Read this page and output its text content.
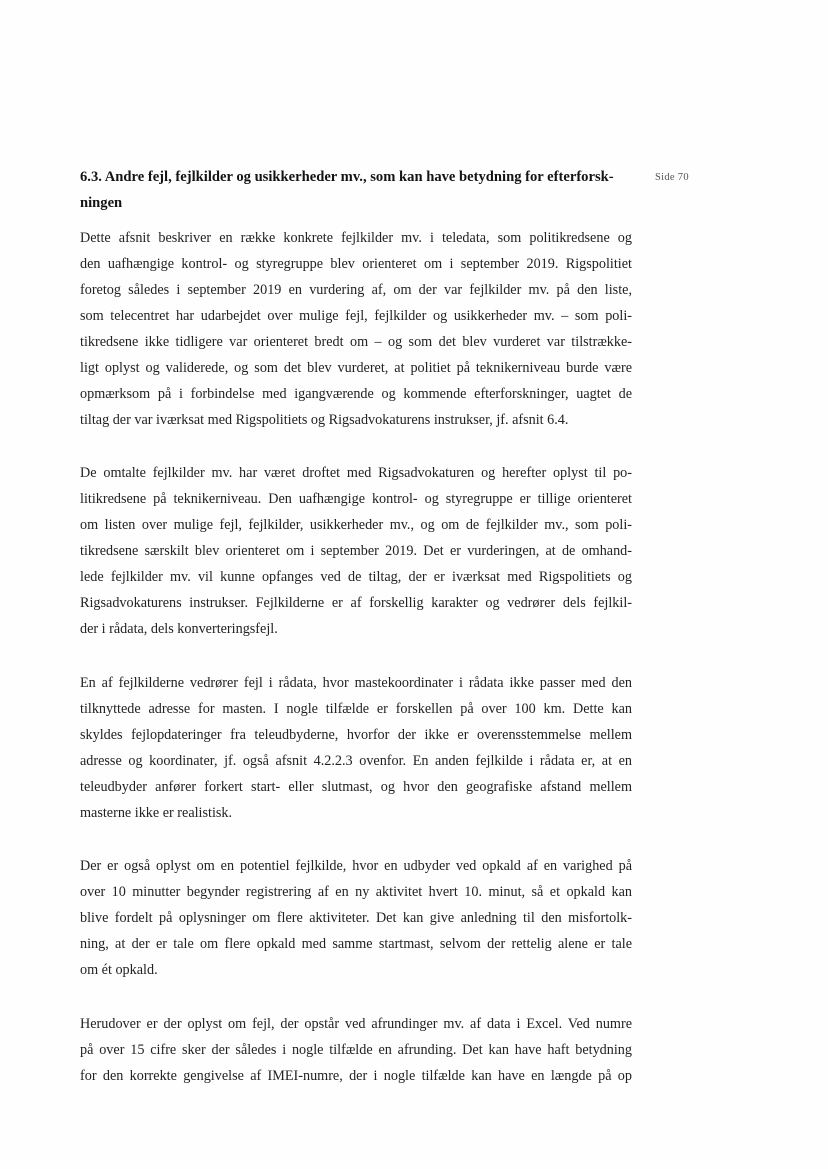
6.3. Andre fejl, fejlkilder og usikkerheder mv., som kan have betydning for efterforsk-
ningen
Side 70
Dette afsnit beskriver en række konkrete fejlkilder mv. i teledata, som politikredsene og
den uafhængige kontrol- og styregruppe blev orienteret om i september 2019. Rigspolitiet
foretog således i september 2019 en vurdering af, om der var fejlkilder mv. på den liste,
som telecentret har udarbejdet over mulige fejl, fejlkilder og usikkerheder mv. – som poli-
tikredsene ikke tidligere var orienteret bredt om – og som det blev vurderet var tilstrække-
ligt oplyst og validerede, og som det blev vurderet, at politiet på teknikerniveau burde være
opmærksom på i forbindelse med igangværende og kommende efterforskninger, uagtet de
tiltag der var iværksat med Rigspolitiets og Rigsadvokaturens instrukser, jf. afsnit 6.4.
De omtalte fejlkilder mv. har været droftet med Rigsadvokaturen og herefter oplyst til po-
litikredsene på teknikerniveau. Den uafhængige kontrol- og styregruppe er tillige orienteret
om listen over mulige fejl, fejlkilder, usikkerheder mv., og om de fejlkilder mv., som poli-
tikredsene særskilt blev orienteret om i september 2019. Det er vurderingen, at de omhand-
lede fejlkilder mv. vil kunne opfanges ved de tiltag, der er iværksat med Rigspolitiets og
Rigsadvokaturens instrukser. Fejlkilderne er af forskellig karakter og vedrører dels fejlkil-
der i rådata, dels konverteringsfejl.
En af fejlkilderne vedrører fejl i rådata, hvor mastekoordinater i rådata ikke passer med den
tilknyttede adresse for masten. I nogle tilfælde er forskellen på over 100 km. Dette kan
skyldes fejlopdateringer fra teleudbyderne, hvorfor der ikke er overensstemmelse mellem
adresse og koordinater, jf. også afsnit 4.2.2.3 ovenfor. En anden fejlkilde i rådata er, at en
teleudbyder anfører forkert start- eller slutmast, og hvor den geografiske afstand mellem
masterne ikke er realistisk.
Der er også oplyst om en potentiel fejlkilde, hvor en udbyder ved opkald af en varighed på
over 10 minutter begynder registrering af en ny aktivitet hvert 10. minut, så et opkald kan
blive fordelt på oplysninger om flere aktiviteter. Det kan give anledning til den misfortolk-
ning, at der er tale om flere opkald med samme startmast, selvom der rettelig alene er tale
om ét opkald.
Herudover er der oplyst om fejl, der opstår ved afrundinger mv. af data i Excel. Ved numre
på over 15 cifre sker der således i nogle tilfælde en afrunding. Det kan have haft betydning
for den korrekte gengivelse af IMEI-numre, der i nogle tilfælde kan have en længde på op
